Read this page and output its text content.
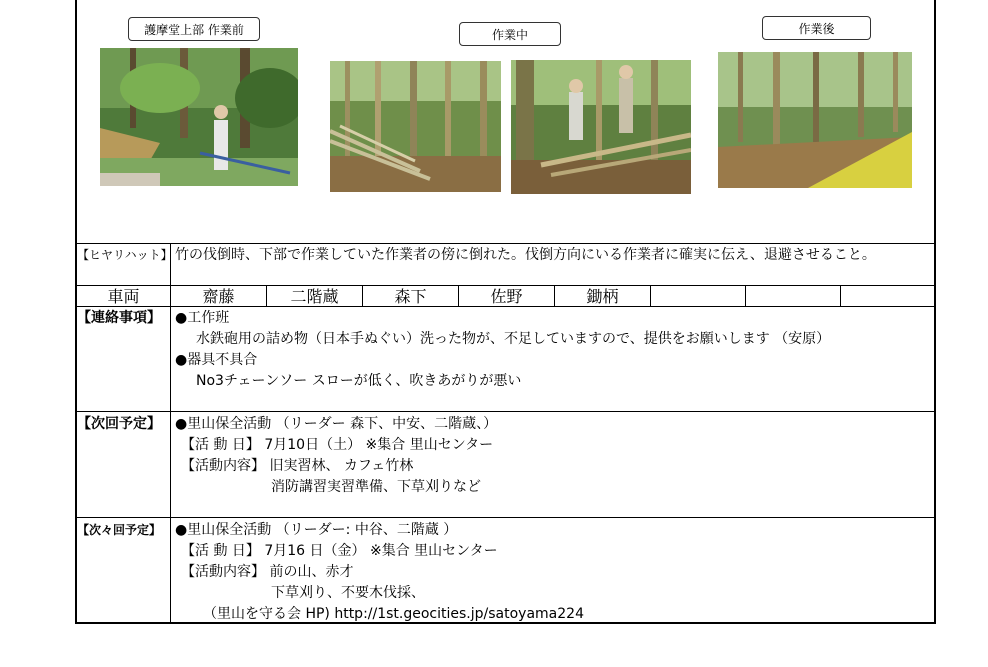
護摩堂上部 作業前	作業中	作業後
【ヒヤリハット】 竹の伐倒時、下部で作業していた作業者の傍に倒れた。伐倒方向にいる作業者に確実に伝え、退避させること。
車両	齋藤	二階蔵	森下	佐野	鋤柄
【連絡事項】 ●工作班
水鉄砲用の詰め物（日本手ぬぐい）洗った物が、不足していますので、提供をお願いします （安原）
●器具不具合
No3チェーンソー スローが低く、吹きあがりが悪い
【次回予定】 ●里山保全活動 （リーダー 森下、中安、二階蔵、）
【活 動 日】 7月10日（土） ※集合 里山センター
【活動内容】 旧実習林、 カフェ竹林
消防講習実習準備、下草刈りなど
【次々回予定】 ●里山保全活動 （リーダー: 中谷、二階蔵 ）
【活 動 日】 7月16 日（金） ※集合 里山センター
【活動内容】 前の山、赤才
下草刈り、不要木伐採、
（里山を守る会 HP) http://1st.geocities.jp/satoyama224
